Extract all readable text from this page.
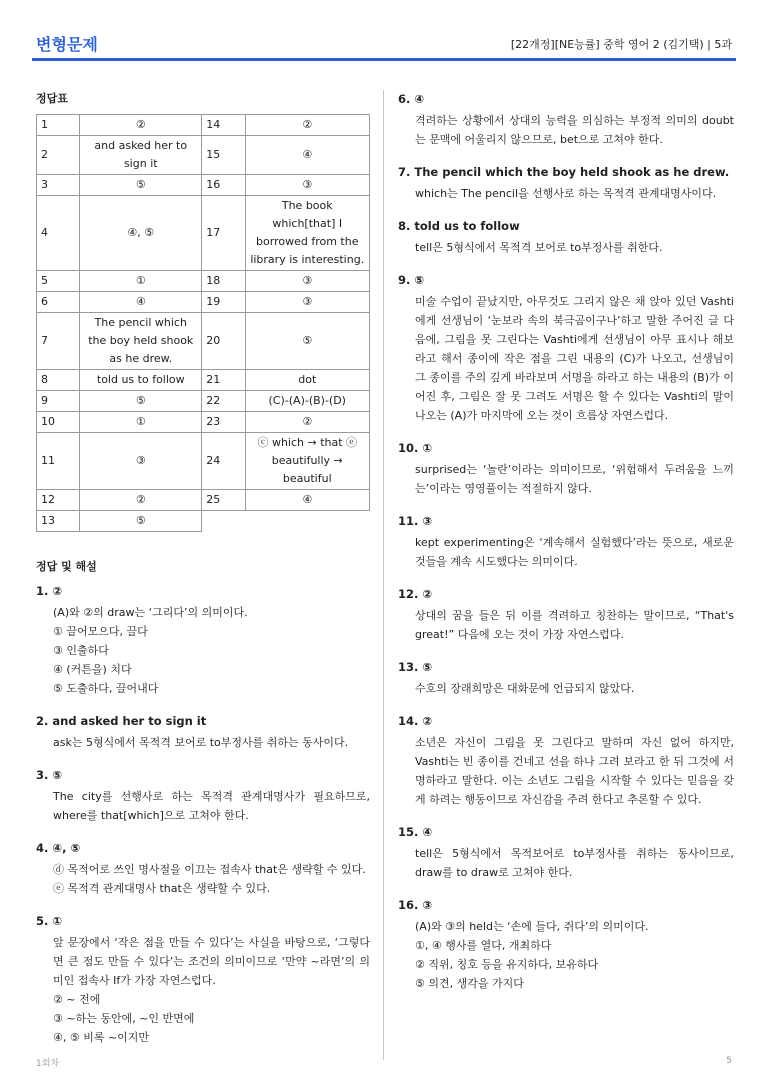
변형문제	[22개정][NE능률] 중학 영어 2 (김기택) | 5과
정답표
1	②	14	②
2	and asked her to sign it	15	④
3	⑤	16	③
4	④, ⑤	17	The book which[that] I borrowed from the library is interesting.
5	①	18	③
6	④	19	③
7	The pencil which the boy held shook as he drew.	20	⑤
8	told us to follow	21	dot
9	⑤	22	(C)-(A)-(B)-(D)
10	①	23	②
11	③	24	ⓒ which → that ⓔ beautifully → beautiful
12	②	25	④
13	⑤		
정답 및 해설
1. ②
(A)와 ②의 draw는 ‘그리다’의 의미이다.
① 끌어모으다, 끌다
③ 인출하다
④ (커튼을) 치다
⑤ 도출하다, 끌어내다
2. and asked her to sign it
ask는 5형식에서 목적격 보어로 to부정사를 취하는 동사이다.
3. ⑤
The city를 선행사로 하는 목적격 관계대명사가 필요하므로, where를 that[which]으로 고쳐야 한다.
4. ④, ⑤
ⓓ 목적어로 쓰인 명사절을 이끄는 접속사 that은 생략할 수 있다.
ⓔ 목적격 관계대명사 that은 생략할 수 있다.
5. ①
앞 문장에서 ‘작은 점을 만들 수 있다’는 사실을 바탕으로, ‘그렇다면 큰 점도 만들 수 있다’는 조건의 의미이므로 ‘만약 ~라면’의 의미인 접속사 If가 가장 자연스럽다.
② ~ 전에
③ ~하는 동안에, ~인 반면에
④, ⑤ 비록 ~이지만
6. ④
격려하는 상황에서 상대의 능력을 의심하는 부정적 의미의 doubt는 문맥에 어울리지 않으므로, bet으로 고쳐야 한다.
7. The pencil which the boy held shook as he drew.
which는 The pencil을 선행사로 하는 목적격 관계대명사이다.
8. told us to follow
tell은 5형식에서 목적격 보어로 to부정사를 취한다.
9. ⑤
미술 수업이 끝났지만, 아무것도 그리지 않은 채 앉아 있던 Vashti에게 선생님이 ‘눈보라 속의 북극곰이구나’하고 말한 주어진 글 다음에, 그림을 못 그린다는 Vashti에게 선생님이 아무 표시나 해보라고 해서 종이에 작은 점을 그린 내용의 (C)가 나오고, 선생님이 그 종이를 주의 깊게 바라보며 서명을 하라고 하는 내용의 (B)가 이어진 후, 그림은 잘 못 그려도 서명은 할 수 있다는 Vashti의 말이 나오는 (A)가 마지막에 오는 것이 흐름상 자연스럽다.
10. ①
surprised는 ‘놀란’이라는 의미이므로, ‘위험해서 두려움을 느끼는’이라는 영영풀이는 적절하지 않다.
11. ③
kept experimenting은 ‘계속해서 실험했다’라는 뜻으로, 새로운 것들을 계속 시도했다는 의미이다.
12. ②
상대의 꿈을 들은 뒤 이를 격려하고 칭찬하는 말이므로, “That's great!” 다음에 오는 것이 가장 자연스럽다.
13. ⑤
수호의 장래희망은 대화문에 언급되지 않았다.
14. ②
소년은 자신이 그림을 못 그린다고 말하며 자신 없어 하지만, Vashti는 빈 종이를 건네고 선을 하나 그려 보라고 한 뒤 그것에 서명하라고 말한다. 이는 소년도 그림을 시작할 수 있다는 믿음을 갖게 하려는 행동이므로 자신감을 주려 한다고 추론할 수 있다.
15. ④
tell은 5형식에서 목적보어로 to부정사를 취하는 동사이므로, draw를 to draw로 고쳐야 한다.
16. ③
(A)와 ③의 held는 ‘손에 들다, 쥐다’의 의미이다.
①, ④ 행사를 열다, 개최하다
② 직위, 칭호 등을 유지하다, 보유하다
⑤ 의견, 생각을 가지다
1회차	5
